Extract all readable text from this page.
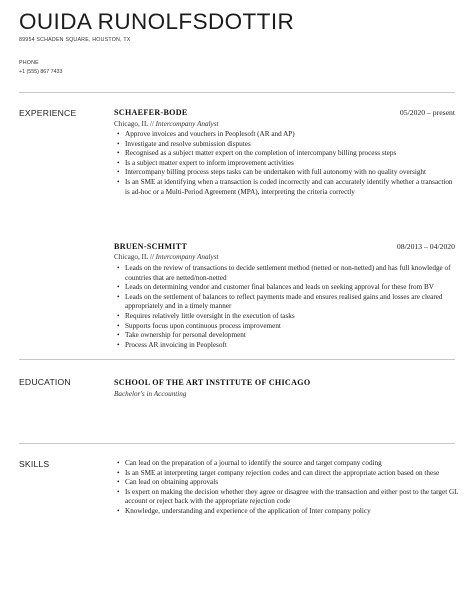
OUIDA RUNOLFSDOTTIR
89954 SCHADEN SQUARE, HOUSTON, TX
PHONE
+1 (555) 867 7433
EXPERIENCE	SCHAEFER-BODE	05/2020 – present
Chicago, IL // Intercompany Analyst
• Approve invoices and vouchers in Peoplesoft (AR and AP)
• Investigate and resolve submission disputes
• Recognised as a subject matter expert on the completion of intercompany billing process steps
• Is a subject matter expert to inform improvement activities
• Intercompany billing process steps tasks can be undertaken with full autonomy with no quality oversight
• Is an SME at identifying when a transaction is coded incorrectly and can accurately identify whether a transaction is ad-hoc or a Multi-Period Agreement (MPA), interpreting the criteria correctly
BRUEN-SCHMITT	08/2013 – 04/2020
Chicago, IL // Intercompany Analyst
• Leads on the review of transactions to decide settlement method (netted or non-netted) and has full knowledge of countries that are netted/non-netted
• Leads on determining vendor and customer final balances and leads on seeking approval for these from BV
• Leads on the settlement of balances to reflect payments made and ensures realised gains and losses are cleared appropriately and in a timely manner
• Requires relatively little oversight in the execution of tasks
• Supports focus upon continuous process improvement
• Take ownership for personal development
• Process AR invoicing in Peoplesoft
EDUCATION	SCHOOL OF THE ART INSTITUTE OF CHICAGO
Bachelor's in Accounting
SKILLS
•	Can lead on the preparation of a journal to identify the source and target company coding
• Is an SME at interpreting target company rejection codes and can direct the appropriate action based on these
• Can lead on obtaining approvals
• Is expert on making the decision whether they agree or disagree with the transaction and either post to the target GL account or reject back with the appropriate rejection code
• Knowledge, understanding and experience of the application of Inter company policy
